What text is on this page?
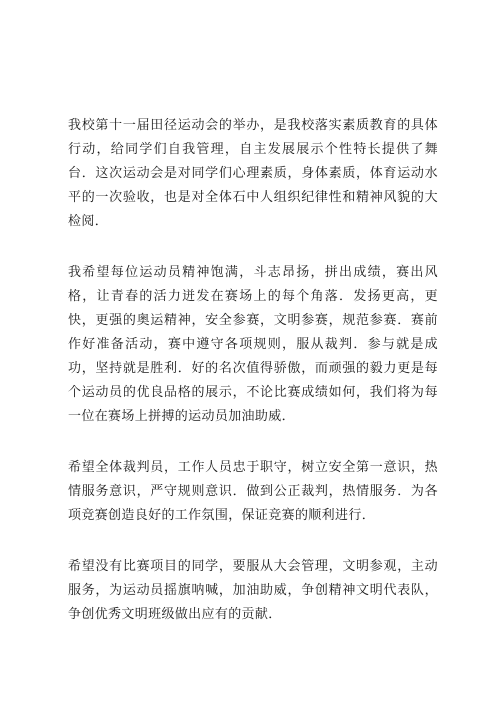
我校第十一届田径运动会的举办，是我校落实素质教育的具体行动，给同学们自我管理，自主发展展示个性特长提供了舞台．这次运动会是对同学们心理素质，身体素质，体育运动水平的一次验收，也是对全体石中人组织纪律性和精神风貌的大检阅．

我希望每位运动员精神饱满，斗志昂扬，拼出成绩，赛出风格，让青春的活力迸发在赛场上的每个角落．发扬更高，更快，更强的奥运精神，安全参赛，文明参赛，规范参赛．赛前作好准备活动，赛中遵守各项规则，服从裁判．参与就是成功，坚持就是胜利．好的名次值得骄傲，而顽强的毅力更是每个运动员的优良品格的展示，不论比赛成绩如何，我们将为每一位在赛场上拼搏的运动员加油助威．

希望全体裁判员，工作人员忠于职守，树立安全第一意识，热情服务意识，严守规则意识．做到公正裁判，热情服务．为各项竞赛创造良好的工作氛围，保证竞赛的顺利进行．

希望没有比赛项目的同学，要服从大会管理，文明参观，主动服务，为运动员摇旗呐喊，加油助威，争创精神文明代表队，争创优秀文明班级做出应有的贡献．
